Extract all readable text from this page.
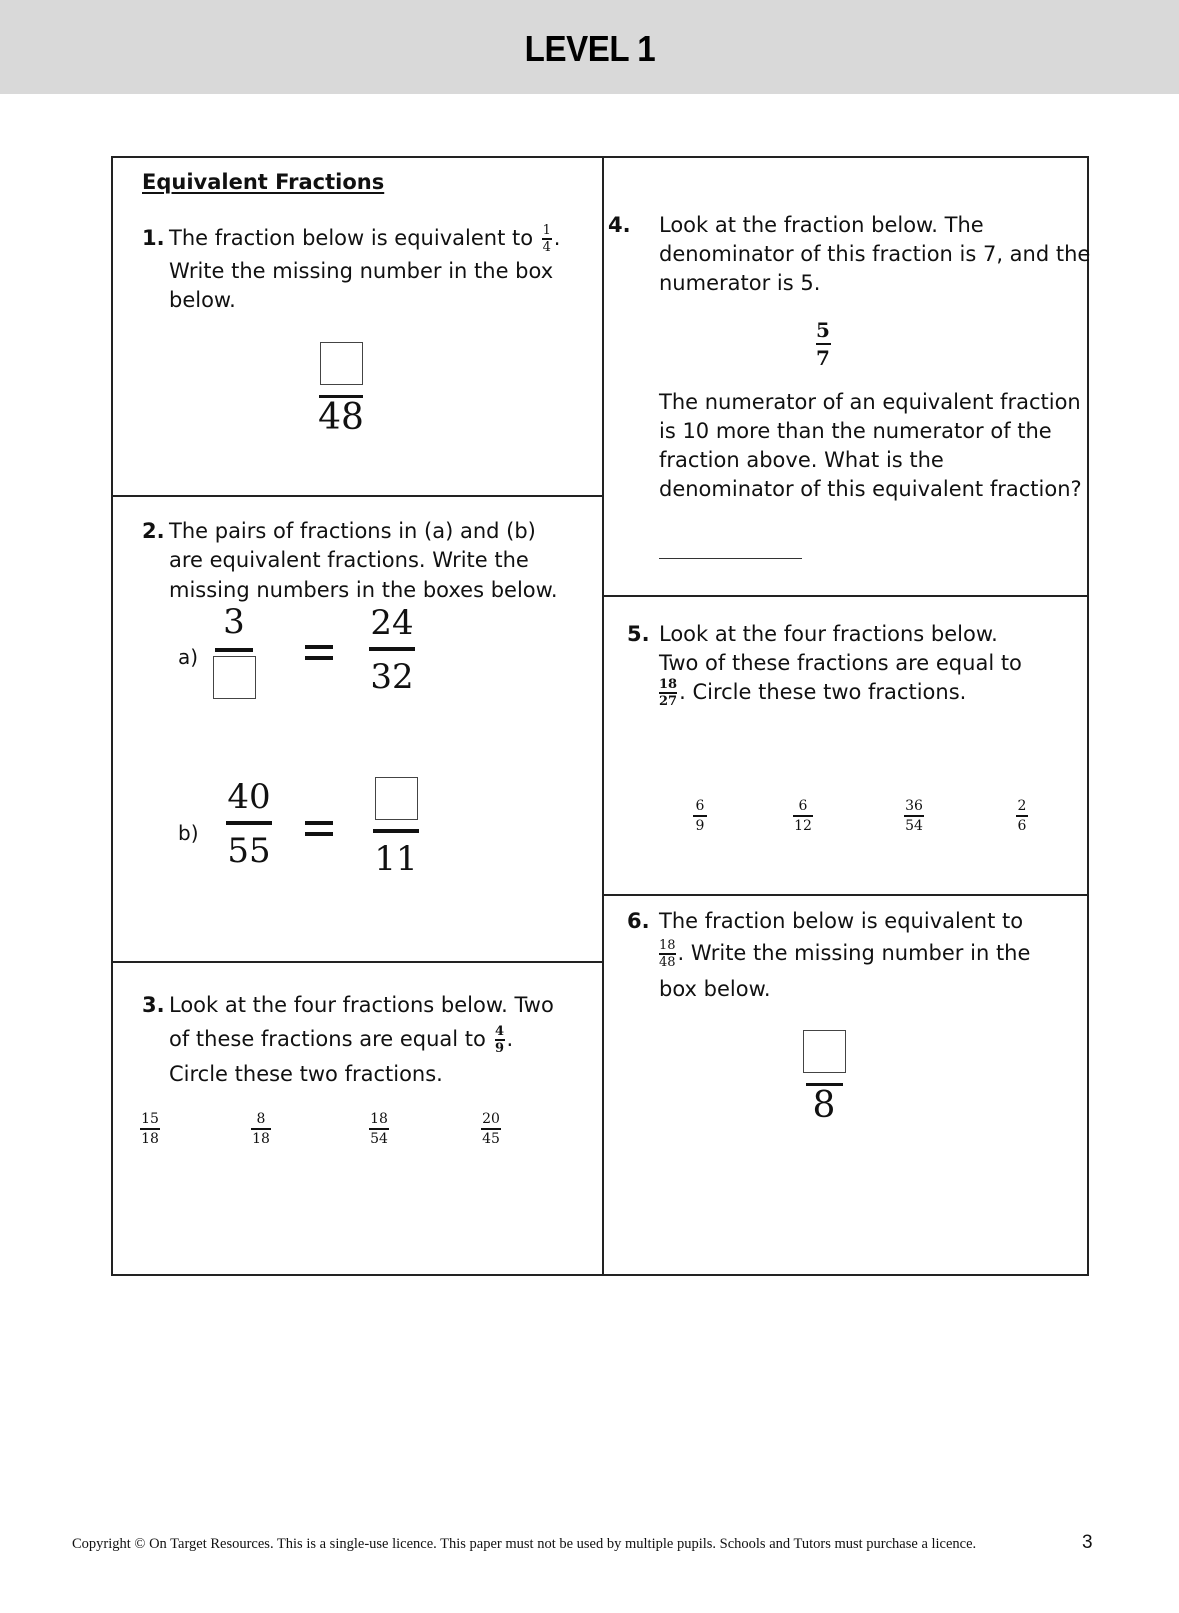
LEVEL 1
Equivalent Fractions
1. The fraction below is equivalent to $\frac{1}{4}$ .
Write the missing number in the box
below.
48
2. The pairs of fractions in (a) and (b)
are equivalent fractions. Write the
missing numbers in the boxes below.
a)
3	24
32
b)
40
55	11
3. Look at the four fractions below. Two
of these fractions are equal to $\frac{4}{9}$ .
Circle these two fractions.
15
18
8
18
18
54
20
45
4. Look at the fraction below. The
denominator of this fraction is 7, and the
numerator is 5.
5
7
The numerator of an equivalent fraction
is 10 more than the numerator of the
fraction above. What is the
denominator of this equivalent fraction?
5. Look at the four fractions below.
Two of these fractions are equal to
$\frac{18}{27}$ . Circle these two fractions.
6
9
6
12
36
54
2
6
6. The fraction below is equivalent to
$\frac{18}{48}$ . Write the missing number in the
box below.
8
Copyright © On Target Resources. This is a single-use licence. This paper must not be used by multiple pupils. Schools and Tutors must purchase a licence.	3
